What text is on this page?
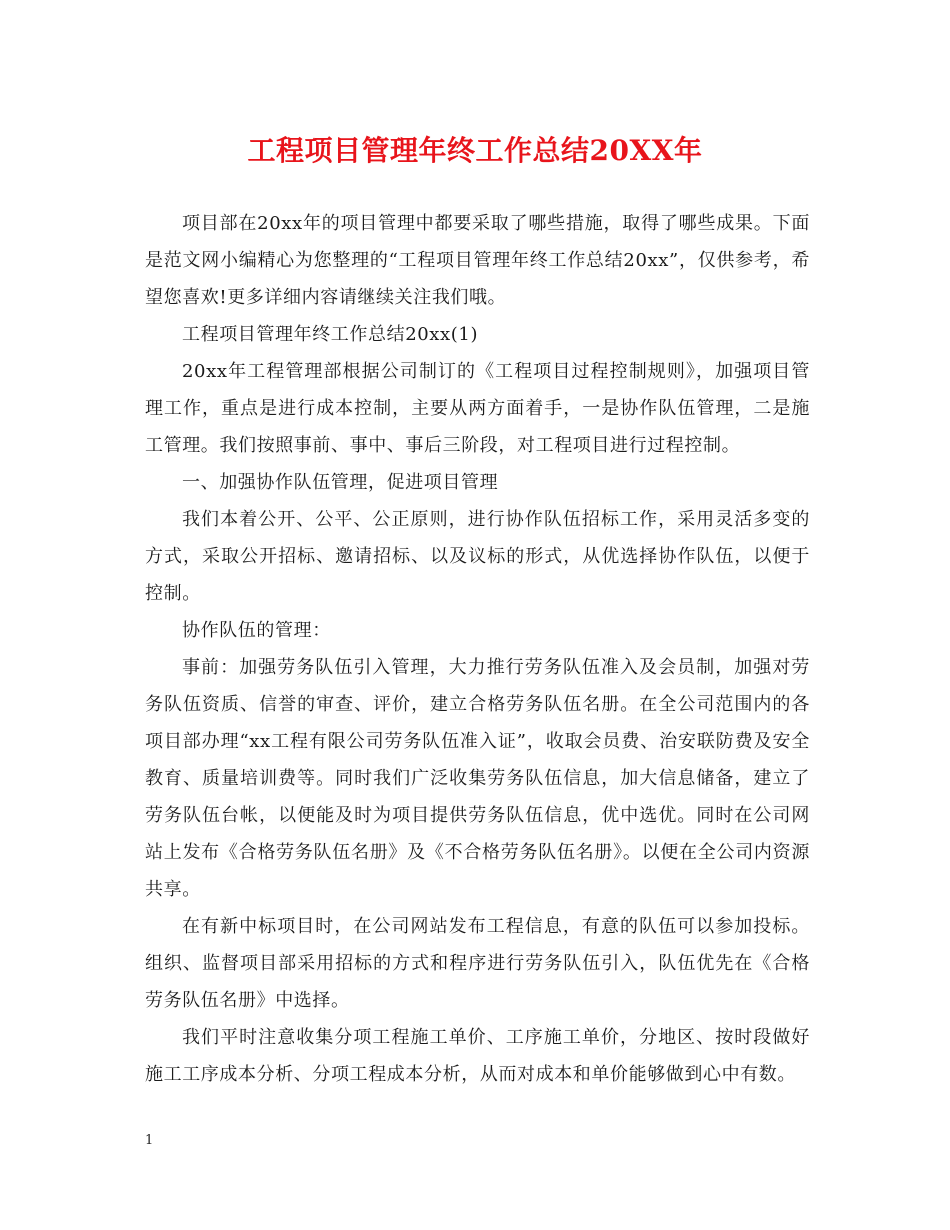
工程项目管理年终工作总结20XX年

项目部在20xx年的项目管理中都要采取了哪些措施，取得了哪些成果。下面是范文网小编精心为您整理的“工程项目管理年终工作总结20xx”，仅供参考，希望您喜欢!更多详细内容请继续关注我们哦。

工程项目管理年终工作总结20xx(1)

20xx年工程管理部根据公司制订的《工程项目过程控制规则》，加强项目管理工作，重点是进行成本控制，主要从两方面着手，一是协作队伍管理，二是施工管理。我们按照事前、事中、事后三阶段，对工程项目进行过程控制。

一、加强协作队伍管理，促进项目管理

我们本着公开、公平、公正原则，进行协作队伍招标工作，采用灵活多变的方式，采取公开招标、邀请招标、以及议标的形式，从优选择协作队伍，以便于控制。

协作队伍的管理：

事前：加强劳务队伍引入管理，大力推行劳务队伍准入及会员制，加强对劳务队伍资质、信誉的审查、评价，建立合格劳务队伍名册。在全公司范围内的各项目部办理“xx工程有限公司劳务队伍准入证”，收取会员费、治安联防费及安全教育、质量培训费等。同时我们广泛收集劳务队伍信息，加大信息储备，建立了劳务队伍台帐，以便能及时为项目提供劳务队伍信息，优中选优。同时在公司网站上发布《合格劳务队伍名册》及《不合格劳务队伍名册》。以便在全公司内资源共享。

在有新中标项目时，在公司网站发布工程信息，有意的队伍可以参加投标。组织、监督项目部采用招标的方式和程序进行劳务队伍引入，队伍优先在《合格劳务队伍名册》中选择。

我们平时注意收集分项工程施工单价、工序施工单价，分地区、按时段做好施工工序成本分析、分项工程成本分析，从而对成本和单价能够做到心中有数。

1
